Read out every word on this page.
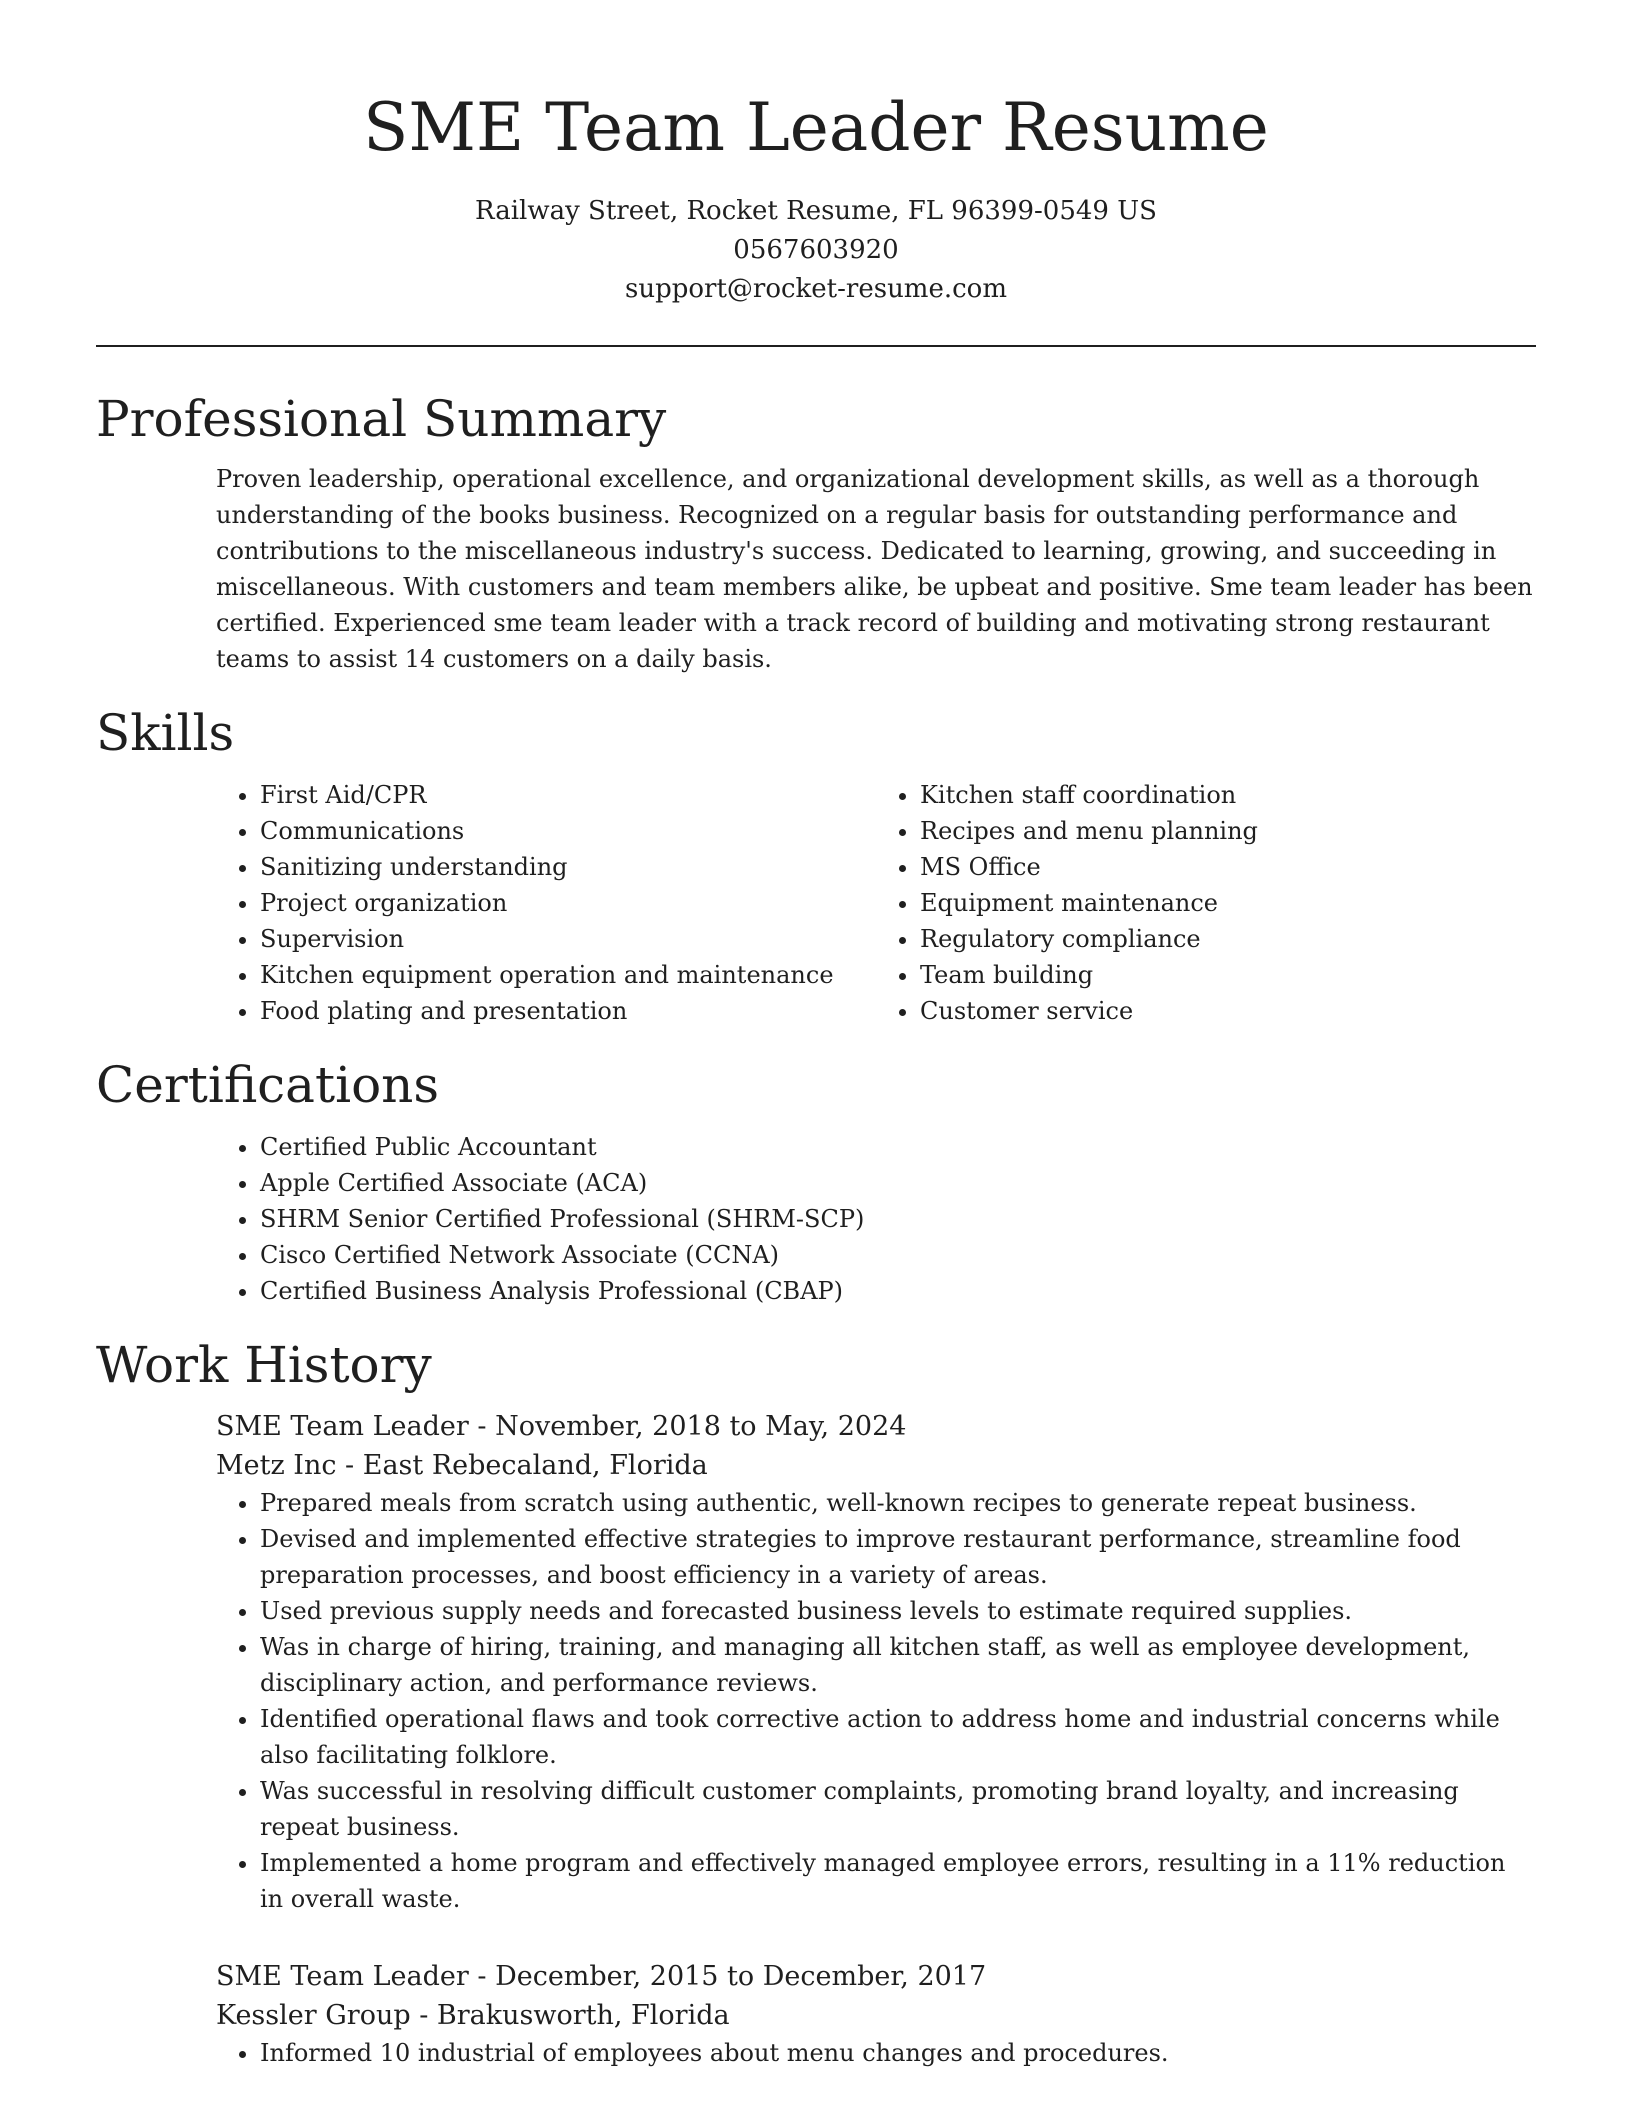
SME Team Leader Resume
Railway Street, Rocket Resume, FL 96399-0549 US
0567603920
support@rocket-resume.com
Professional Summary

Proven leadership, operational excellence, and organizational development skills, as well as a thorough understanding of the books business. Recognized on a regular basis for outstanding performance and contributions to the miscellaneous industry's success. Dedicated to learning, growing, and succeeding in miscellaneous. With customers and team members alike, be upbeat and positive. Sme team leader has been certified. Experienced sme team leader with a track record of building and motivating strong restaurant teams to assist 14 customers on a daily basis.

Skills
• First Aid/CPR
• Communications
• Sanitizing understanding
• Project organization
• Supervision
• Kitchen equipment operation and maintenance
• Food plating and presentation
• Kitchen staff coordination
• Recipes and menu planning
• MS Office
• Equipment maintenance
• Regulatory compliance
• Team building
• Customer service
Certifications
• Certified Public Accountant
• Apple Certified Associate (ACA)
• SHRM Senior Certified Professional (SHRM-SCP)
• Cisco Certified Network Associate (CCNA)
• Certified Business Analysis Professional (CBAP)
Work History
SME Team Leader - November, 2018 to May, 2024
Metz Inc - East Rebecaland, Florida
• Prepared meals from scratch using authentic, well-known recipes to generate repeat business.
• Devised and implemented effective strategies to improve restaurant performance, streamline food preparation processes, and boost efficiency in a variety of areas.
• Used previous supply needs and forecasted business levels to estimate required supplies.
• Was in charge of hiring, training, and managing all kitchen staff, as well as employee development, disciplinary action, and performance reviews.
• Identified operational flaws and took corrective action to address home and industrial concerns while also facilitating folklore.
• Was successful in resolving difficult customer complaints, promoting brand loyalty, and increasing repeat business.
• Implemented a home program and effectively managed employee errors, resulting in a 11% reduction in overall waste.
SME Team Leader - December, 2015 to December, 2017
Kessler Group - Brakusworth, Florida
• Informed 10 industrial of employees about menu changes and procedures.
